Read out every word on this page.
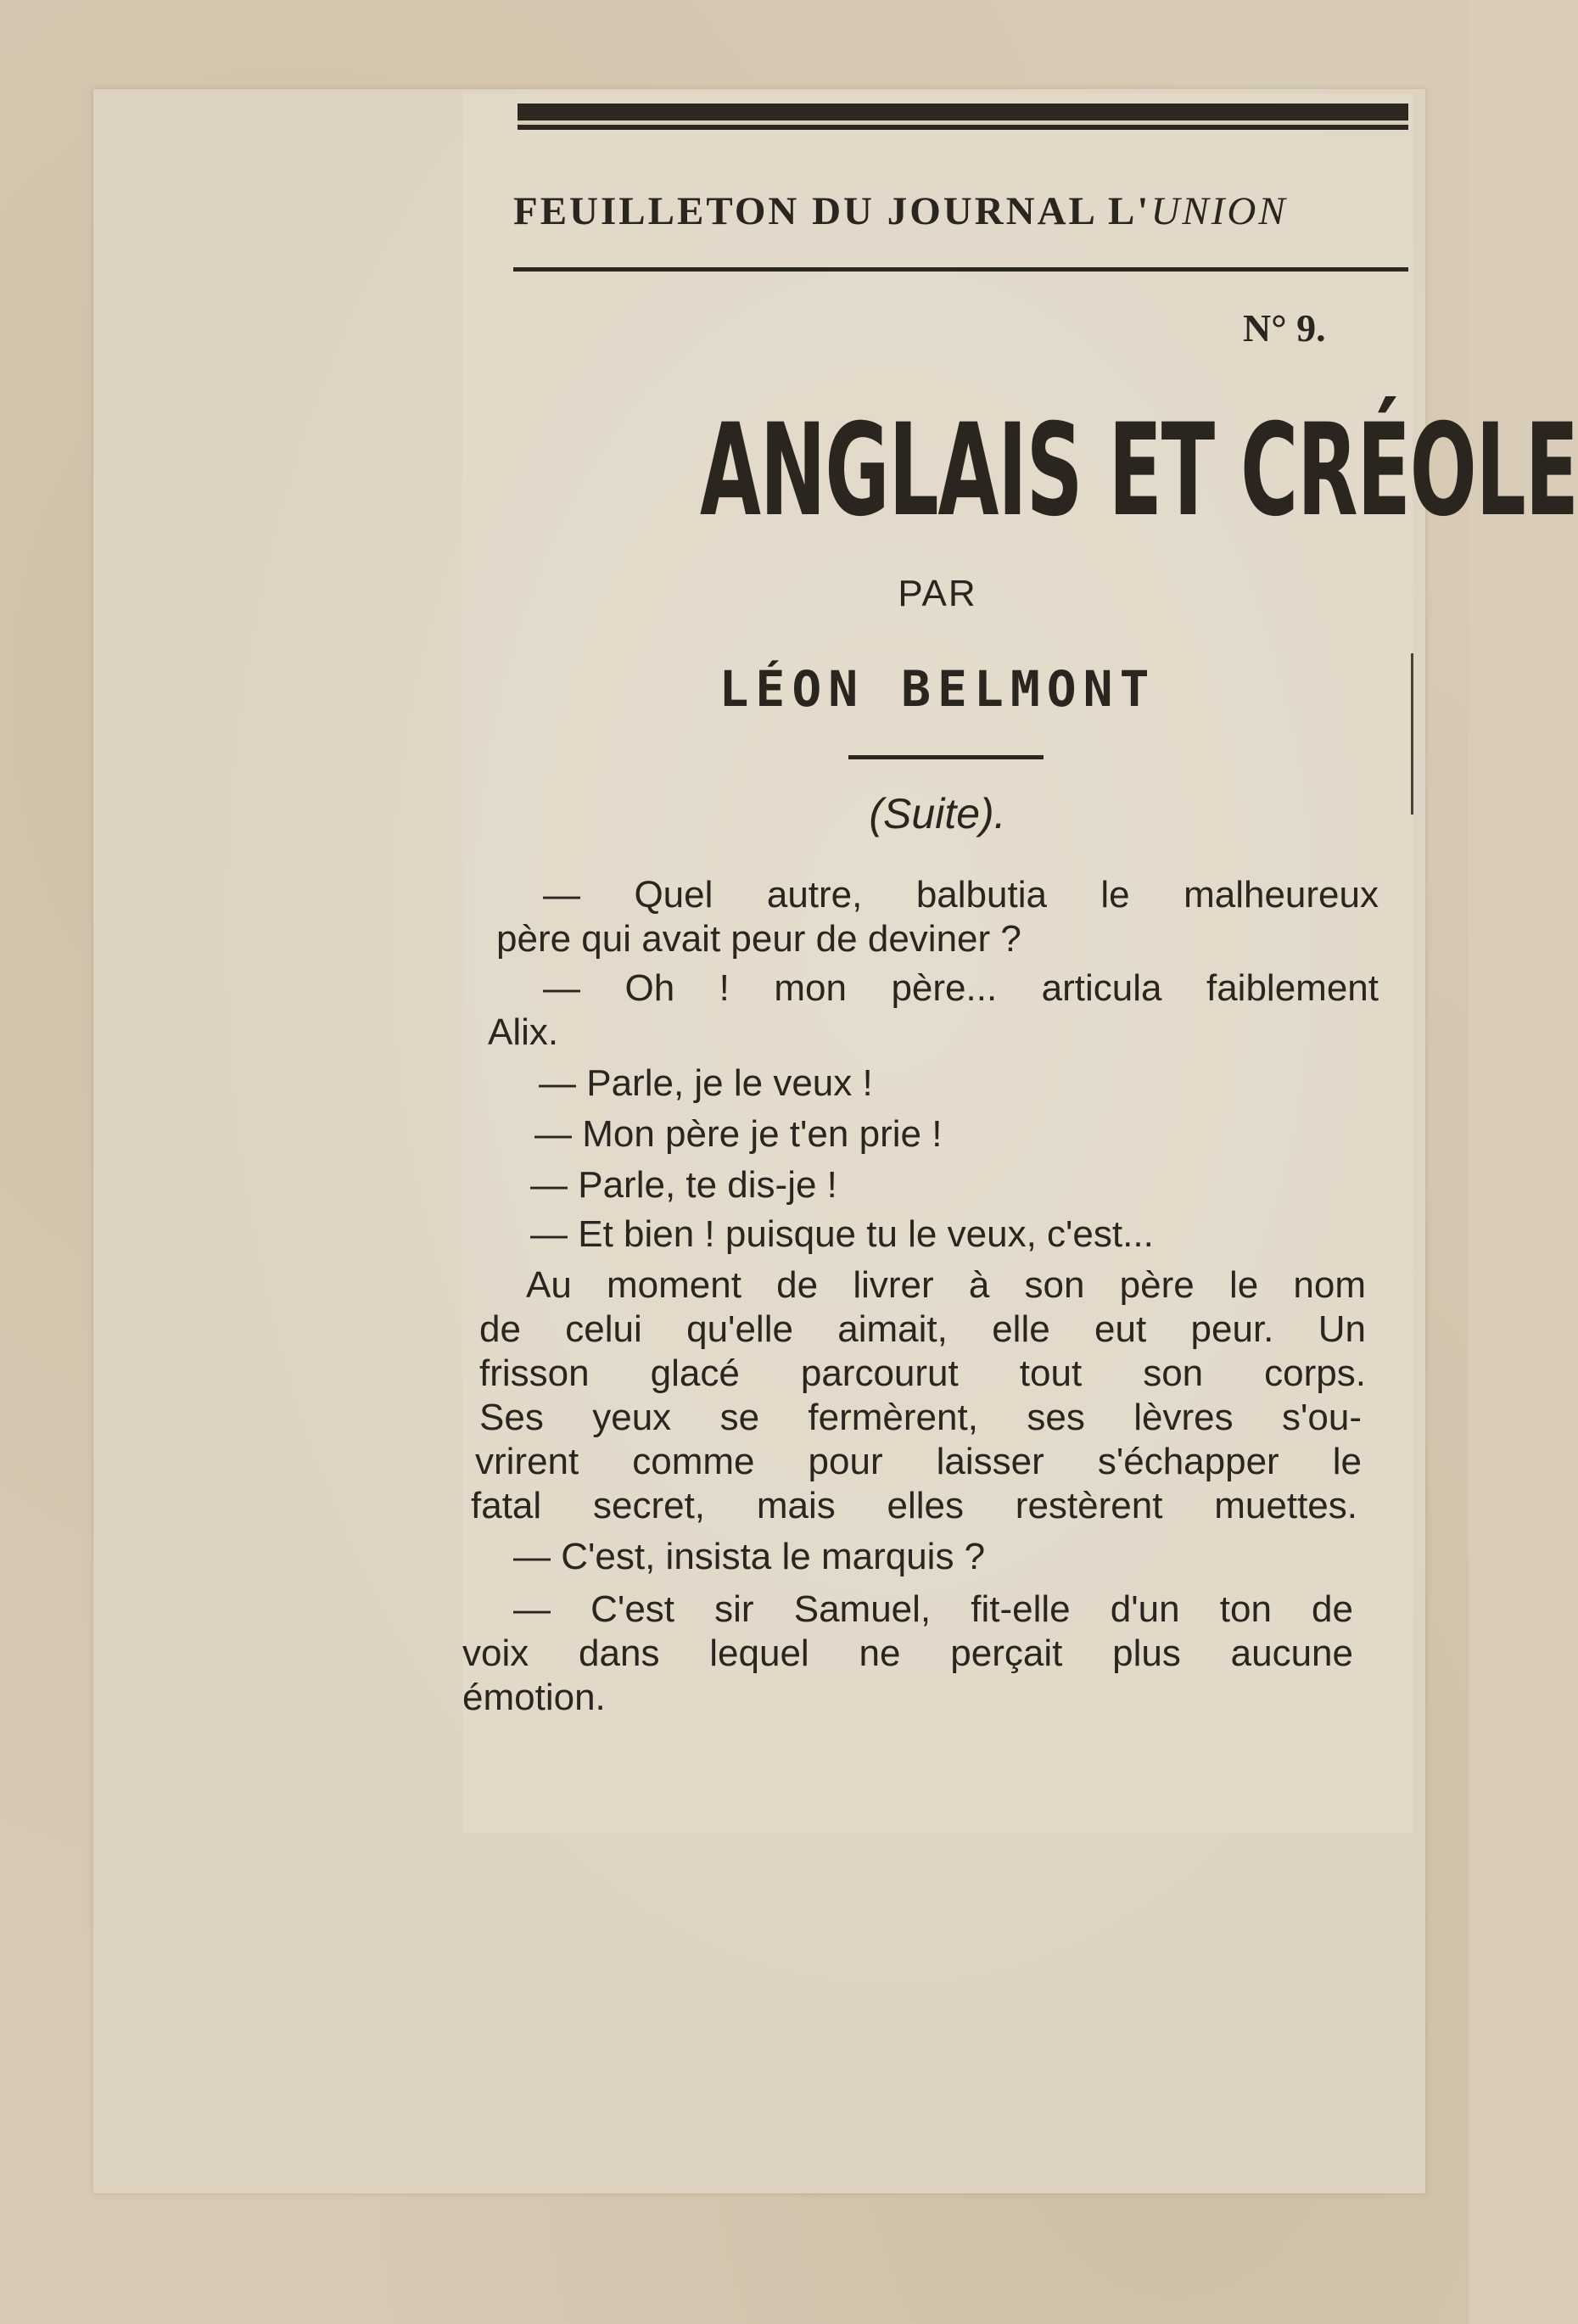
FEUILLETON DU JOURNAL L'UNION
N° 9.
ANGLAIS ET CRÉOLE
PAR
LÉON BELMONT
(Suite).
— Quel autre, balbutia le malheureux
père qui avait peur de deviner ?
— Oh ! mon père... articula faiblement
Alix.
— Parle, je le veux !
— Mon père je t'en prie !
— Parle, te dis-je !
— Et bien ! puisque tu le veux, c'est...
Au moment de livrer à son père le nom
de celui qu'elle aimait, elle eut peur. Un
frisson glacé parcourut tout son corps.
Ses yeux se fermèrent, ses lèvres s'ou-
vrirent comme pour laisser s'échapper le
fatal secret, mais elles restèrent muettes.
— C'est, insista le marquis ?
— C'est sir Samuel, fit-elle d'un ton de
voix dans lequel ne perçait plus aucune
émotion.
